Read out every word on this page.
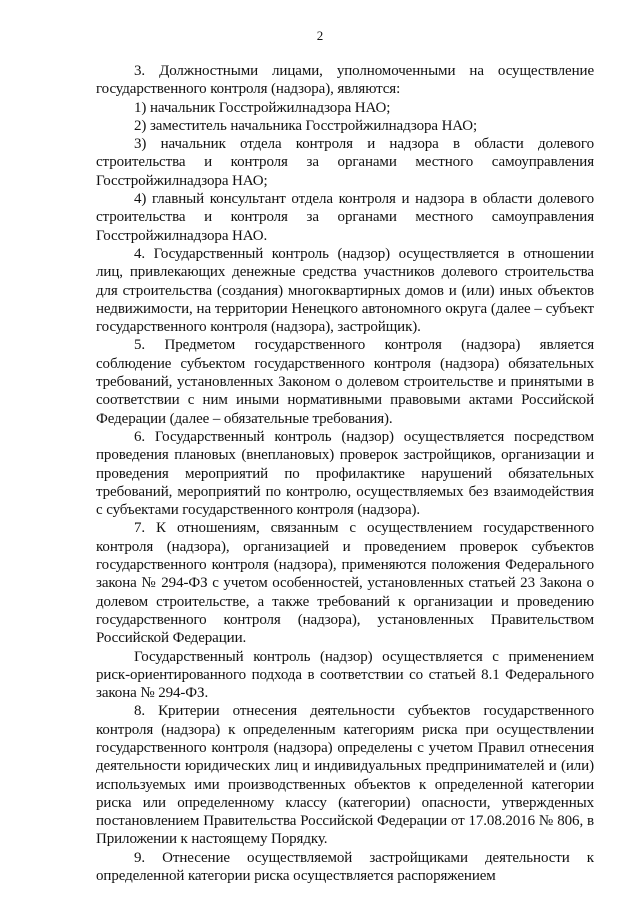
2

3. Должностными лицами, уполномоченными на осуществление государственного контроля (надзора), являются:

1) начальник Госстройжилнадзора НАО;

2) заместитель начальника Госстройжилнадзора НАО;

3) начальник отдела контроля и надзора в области долевого строительства и контроля за органами местного самоуправления Госстройжилнадзора НАО;

4) главный консультант отдела контроля и надзора в области долевого строительства и контроля за органами местного самоуправления Госстройжилнадзора НАО.

4. Государственный контроль (надзор) осуществляется в отношении лиц, привлекающих денежные средства участников долевого строительства для строительства (создания) многоквартирных домов и (или) иных объектов недвижимости, на территории Ненецкого автономного округа (далее – субъект государственного контроля (надзора), застройщик).

5. Предметом государственного контроля (надзора) является соблюдение субъектом государственного контроля (надзора) обязательных требований, установленных Законом о долевом строительстве и принятыми в соответствии с ним иными нормативными правовыми актами Российской Федерации (далее – обязательные требования).

6. Государственный контроль (надзор) осуществляется посредством проведения плановых (внеплановых) проверок застройщиков, организации и проведения мероприятий по профилактике нарушений обязательных требований, мероприятий по контролю, осуществляемых без взаимодействия с субъектами государственного контроля (надзора).

7. К отношениям, связанным с осуществлением государственного контроля (надзора), организацией и проведением проверок субъектов государственного контроля (надзора), применяются положения Федерального закона № 294-ФЗ с учетом особенностей, установленных статьей 23 Закона о долевом строительстве, а также требований к организации и проведению государственного контроля (надзора), установленных Правительством Российской Федерации.

Государственный контроль (надзор) осуществляется с применением риск-ориентированного подхода в соответствии со статьей 8.1 Федерального закона № 294-ФЗ.

8. Критерии отнесения деятельности субъектов государственного контроля (надзора) к определенным категориям риска при осуществлении государственного контроля (надзора) определены с учетом Правил отнесения деятельности юридических лиц и индивидуальных предпринимателей и (или) используемых ими производственных объектов к определенной категории риска или определенному классу (категории) опасности, утвержденных постановлением Правительства Российской Федерации от 17.08.2016 № 806, в Приложении к настоящему Порядку.

9. Отнесение осуществляемой застройщиками деятельности к определенной категории риска осуществляется распоряжением
